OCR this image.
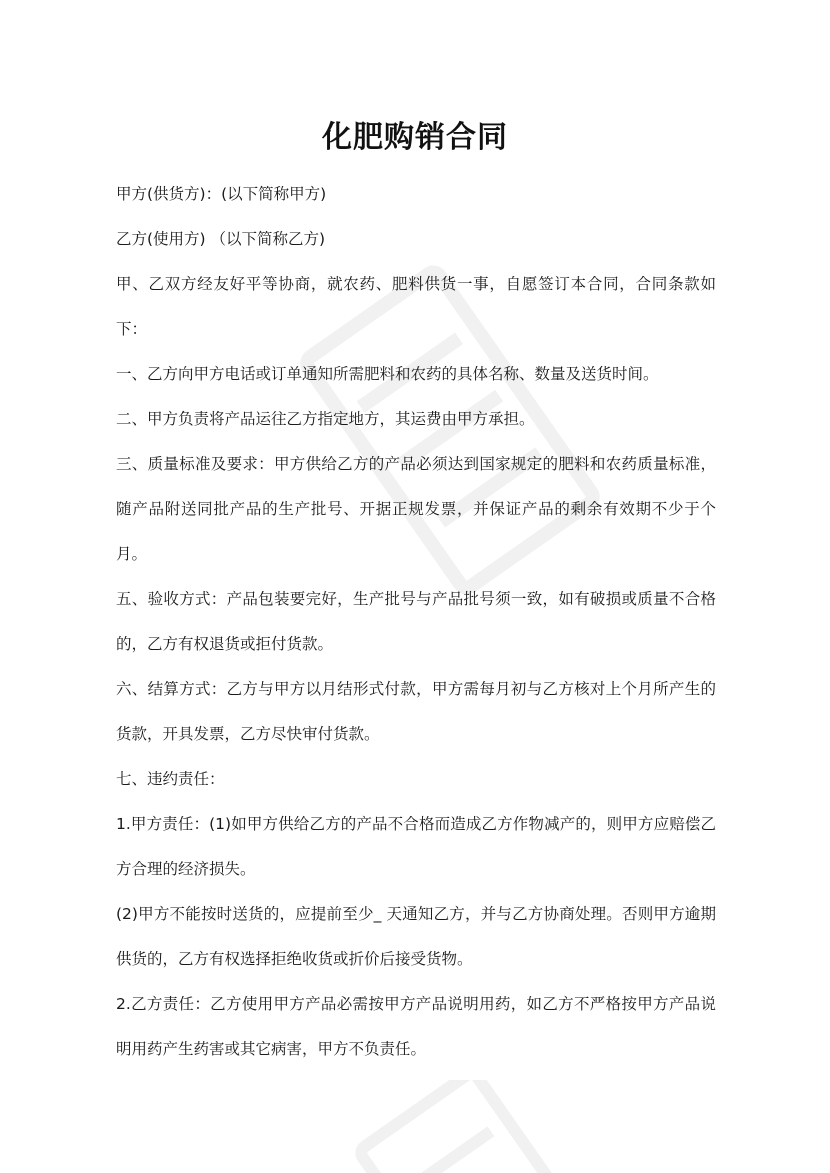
化肥购销合同

甲方(供货方)：(以下简称甲方)

乙方(使用方) （以下简称乙方)

甲、乙双方经友好平等协商，就农药、肥料供货一事，自愿签订本合同，合同条款如下：

一、乙方向甲方电话或订单通知所需肥料和农药的具体名称、数量及送货时间。

二、甲方负责将产品运往乙方指定地方，其运费由甲方承担。

三、质量标准及要求：甲方供给乙方的产品必须达到国家规定的肥料和农药质量标准，随产品附送同批产品的生产批号、开据正规发票，并保证产品的剩余有效期不少于个月。

五、验收方式：产品包装要完好，生产批号与产品批号须一致，如有破损或质量不合格的，乙方有权退货或拒付货款。

六、结算方式：乙方与甲方以月结形式付款，甲方需每月初与乙方核对上个月所产生的货款，开具发票，乙方尽快审付货款。

七、违约责任：

1.甲方责任：(1)如甲方供给乙方的产品不合格而造成乙方作物减产的，则甲方应赔偿乙方合理的经济损失。

(2)甲方不能按时送货的，应提前至少_ 天通知乙方，并与乙方协商处理。否则甲方逾期供货的，乙方有权选择拒绝收货或折价后接受货物。

2.乙方责任：乙方使用甲方产品必需按甲方产品说明用药，如乙方不严格按甲方产品说明用药产生药害或其它病害，甲方不负责任。
